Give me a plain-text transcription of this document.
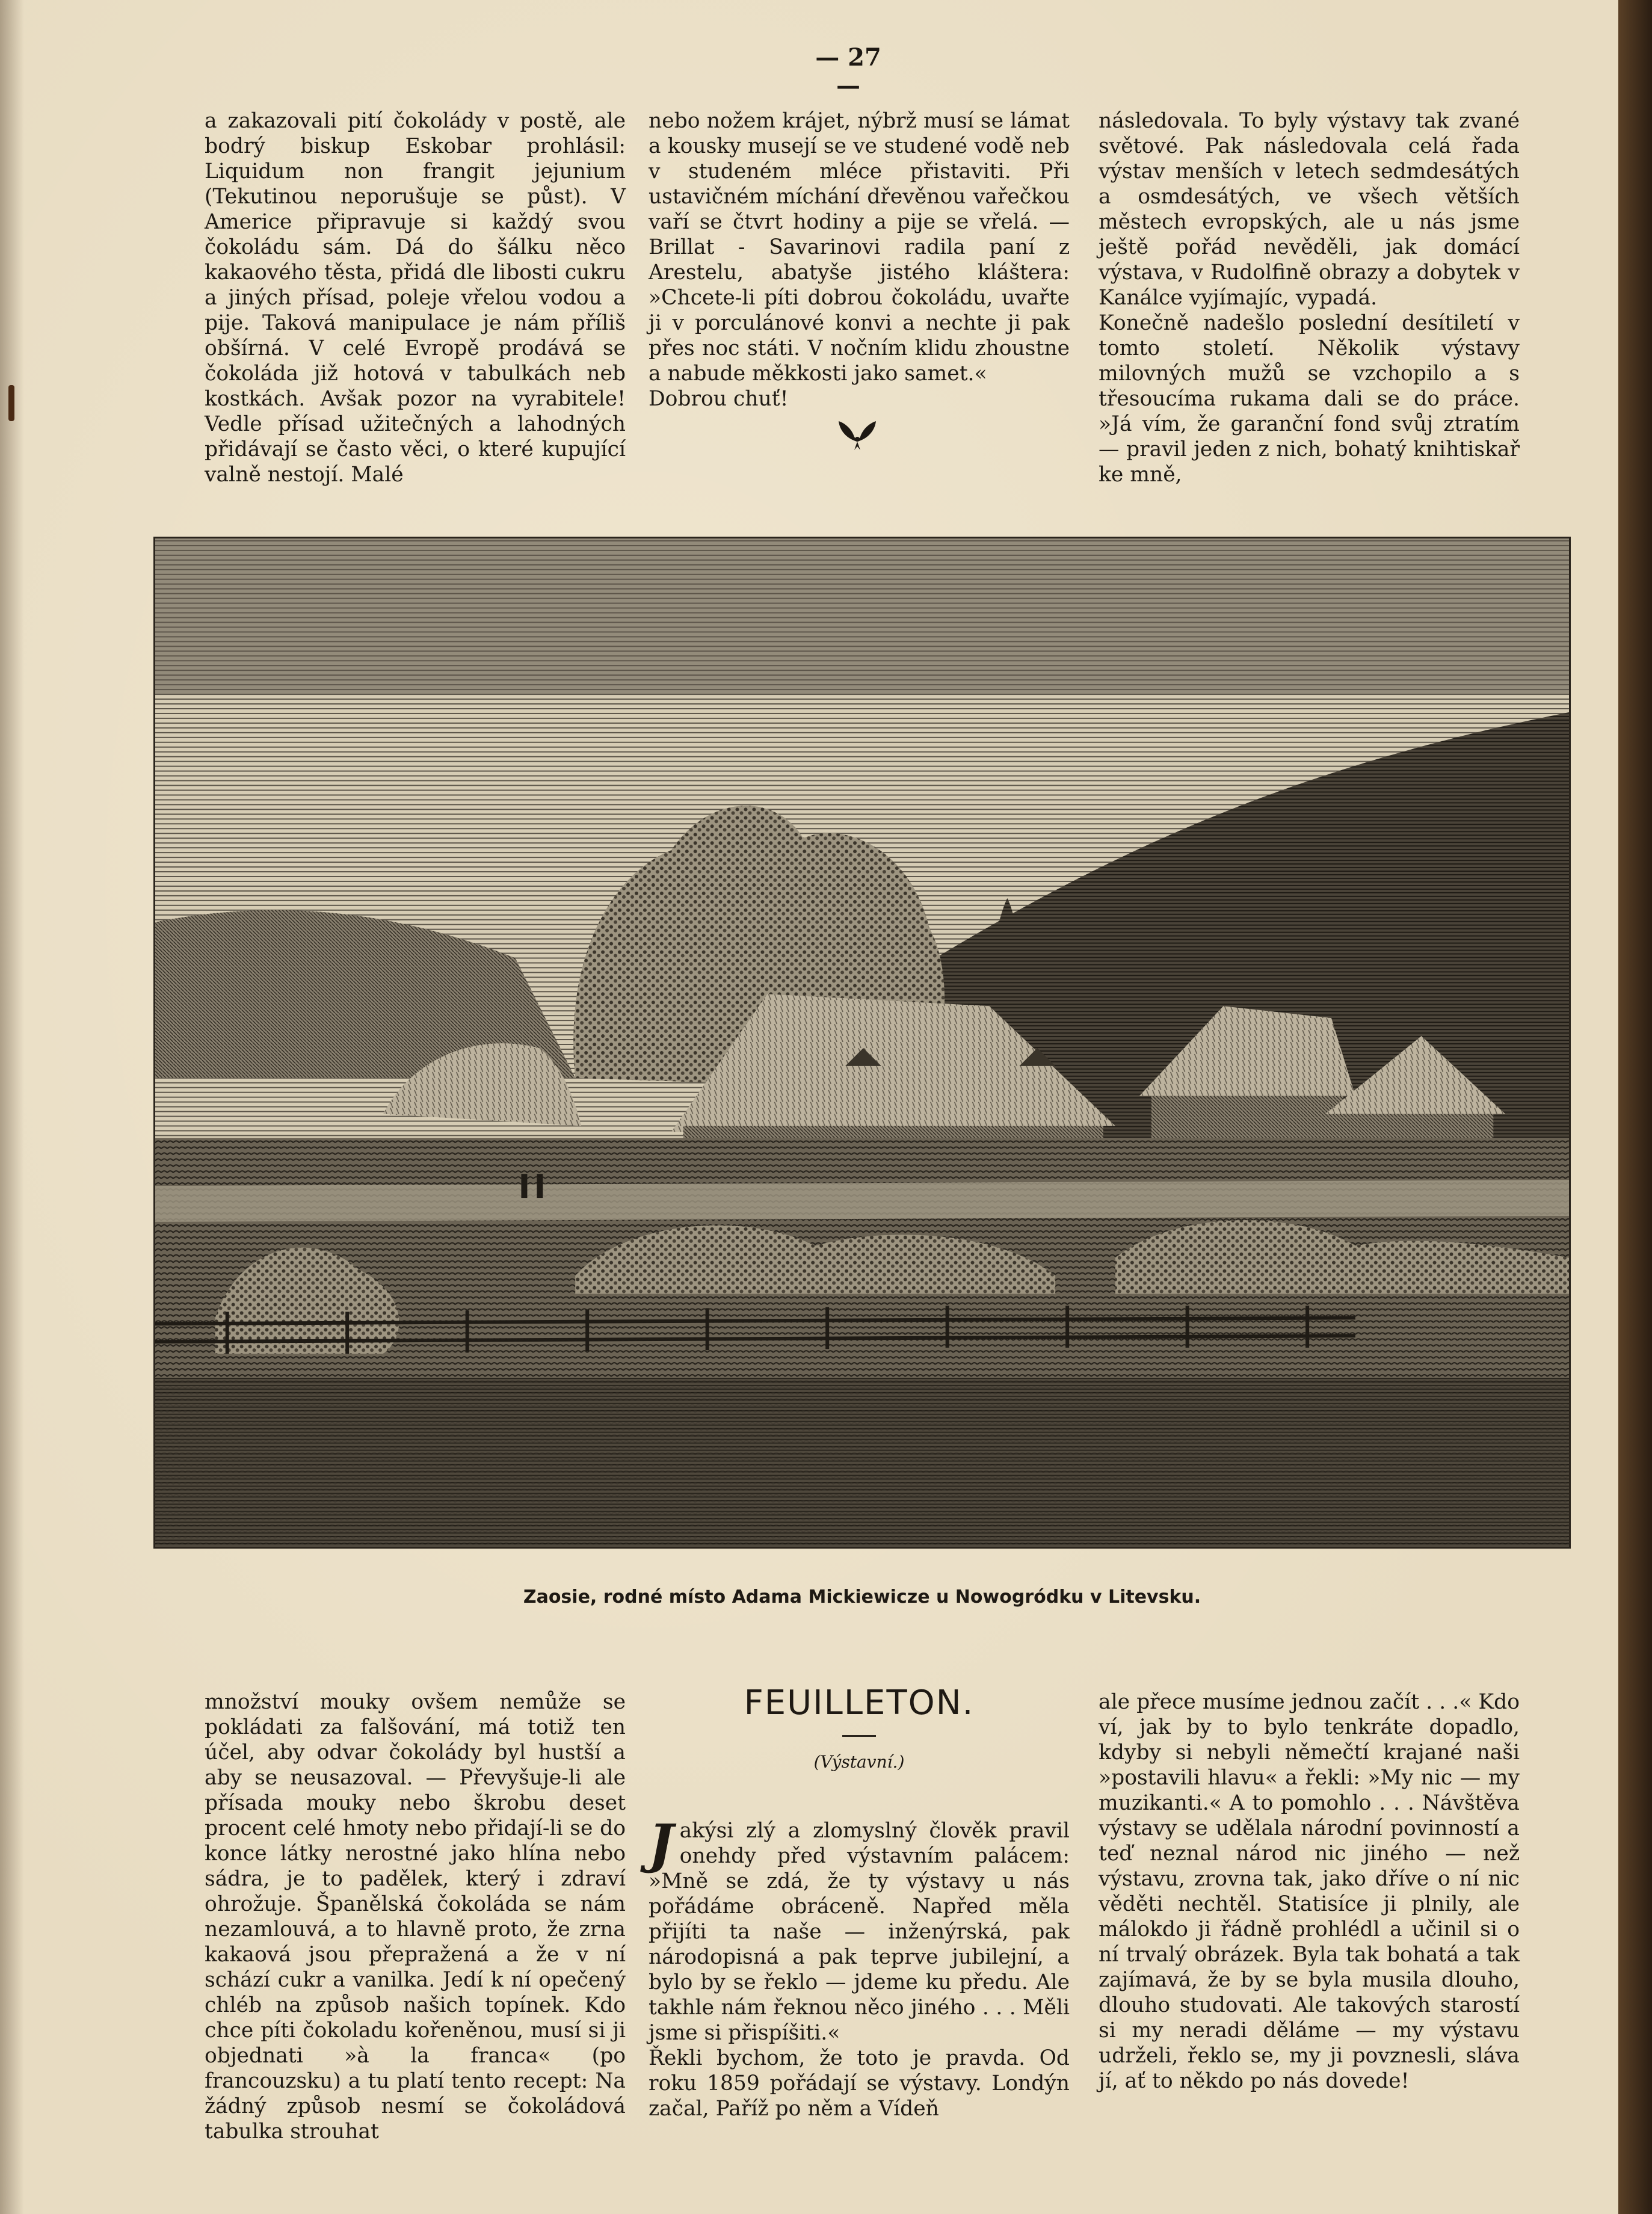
— 27 —
a zakazovali pití čokolády v postě, ale bodrý biskup Eskobar prohlásil: Liquidum non frangit jejunium (Tekutinou neporušuje se půst). V Americe připravuje si každý svou čokoládu sám. Dá do šálku něco kakaového těsta, přidá dle libosti cukru a jiných přísad, poleje vřelou vodou a pije. Taková manipulace je nám příliš obšírná. V celé Evropě prodává se čokoláda již hotová v tabulkách neb kostkách. Avšak pozor na vyrabitele! Vedle přísad užitečných a lahodných přidávají se často věci, o které kupující valně nestojí. Malé
nebo nožem krájet, nýbrž musí se lámat a kousky musejí se ve studené vodě neb v studeném mléce přistaviti. Při ustavičném míchání dřevěnou vařečkou vaří se čtvrt hodiny a pije se vřelá. — Brillat - Savarinovi radila paní z Arestelu, abatyše jistého kláštera: »Chcete-li píti dobrou čokoládu, uvařte ji v porculánové konvi a nechte ji pak přes noc státi. V nočním klidu zhoustne a nabude měkkosti jako samet.«
Dobrou chuť!
následovala. To byly výstavy tak zvané světové. Pak následovala celá řada výstav menších v letech sedmdesátých a osmdesátých, ve všech větších městech evropských, ale u nás jsme ještě pořád nevěděli, jak domácí výstava, v Rudolfině obrazy a dobytek v Kanálce vyjímajíc, vypadá.
Konečně nadešlo poslední desítiletí v tomto století. Několik výstavy milovných mužů se vzchopilo a s třesoucíma rukama dali se do práce. »Já vím, že garanční fond svůj ztratím — pravil jeden z nich, bohatý knihtiskař ke mně,
Zaosie, rodné místo Adama Mickiewicze u Nowogródku v Litevsku.
množství mouky ovšem nemůže se pokládati za falšování, má totiž ten účel, aby odvar čokolády byl hustší a aby se neusazoval. — Převyšuje-li ale přísada mouky nebo škrobu deset procent celé hmoty nebo přidají-li se do konce látky nerostné jako hlína nebo sádra, je to padělek, který i zdraví ohrožuje. Španělská čokoláda se nám nezamlouvá, a to hlavně proto, že zrna kakaová jsou přepražená a že v ní schází cukr a vanilka. Jedí k ní opečený chléb na způsob našich topínek. Kdo chce píti čokoladu kořeněnou, musí si ji objednati »à la franca« (po francouzsku) a tu platí tento recept: Na žádný způsob nesmí se čokoládová tabulka strouhat
FEUILLETON.
(Výstavní.)

Jakýsi zlý a zlomyslný člověk pravil onehdy před výstavním palácem: »Mně se zdá, že ty výstavy u nás pořádáme obráceně. Napřed měla přijíti ta naše — inženýrská, pak národopisná a pak teprve jubilejní, a bylo by se řeklo — jdeme ku předu. Ale takhle nám řeknou něco jiného . . . Měli jsme si přispíšiti.«
Řekli bychom, že toto je pravda. Od roku 1859 pořádají se výstavy. Londýn začal, Paříž po něm a Vídeň

ale přece musíme jednou začít . . .« Kdo ví, jak by to bylo tenkráte dopadlo, kdyby si nebyli němečtí krajané naši »postavili hlavu« a řekli: »My nic — my muzikanti.« A to pomohlo . . . Návštěva výstavy se udělala národní povinností a teď neznal národ nic jiného — než výstavu, zrovna tak, jako dříve o ní nic věděti nechtěl. Statisíce ji plnily, ale málokdo ji řádně prohlédl a učinil si o ní trvalý obrázek. Byla tak bohatá a tak zajímavá, že by se byla musila dlouho, dlouho studovati. Ale takových starostí si my neradi děláme — my výstavu udrželi, řeklo se, my ji povznesli, sláva jí, ať to někdo po nás dovede!
